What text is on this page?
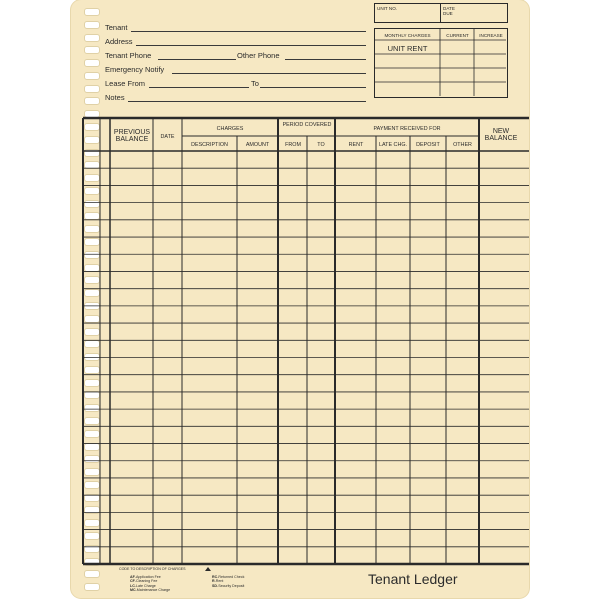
Tenant
Address
Tenant Phone	Other Phone
Emergency Notify
Lease From	To
Notes
UNIT NO.	DATE DUE
MONTHLY CHARGES	CURRENT	INCREASE
UNIT RENT
PREVIOUS BALANCE	DATE
CHARGES
DESCRIPTION	AMOUNT
PERIOD COVERED
FROM	TO
PAYMENT RECEIVED FOR
RENT	LATE CHG.	DEPOSIT	OTHER
NEW BALANCE
CODE TO DESCRIPTION OF CHARGES
AF-Application Fee
CF-Cleaning Fee
LC-Late Charge
MC-Maintenance Charge
RC-Returned Check
R-Rent
SD-Security Deposit	Tenant Ledger
